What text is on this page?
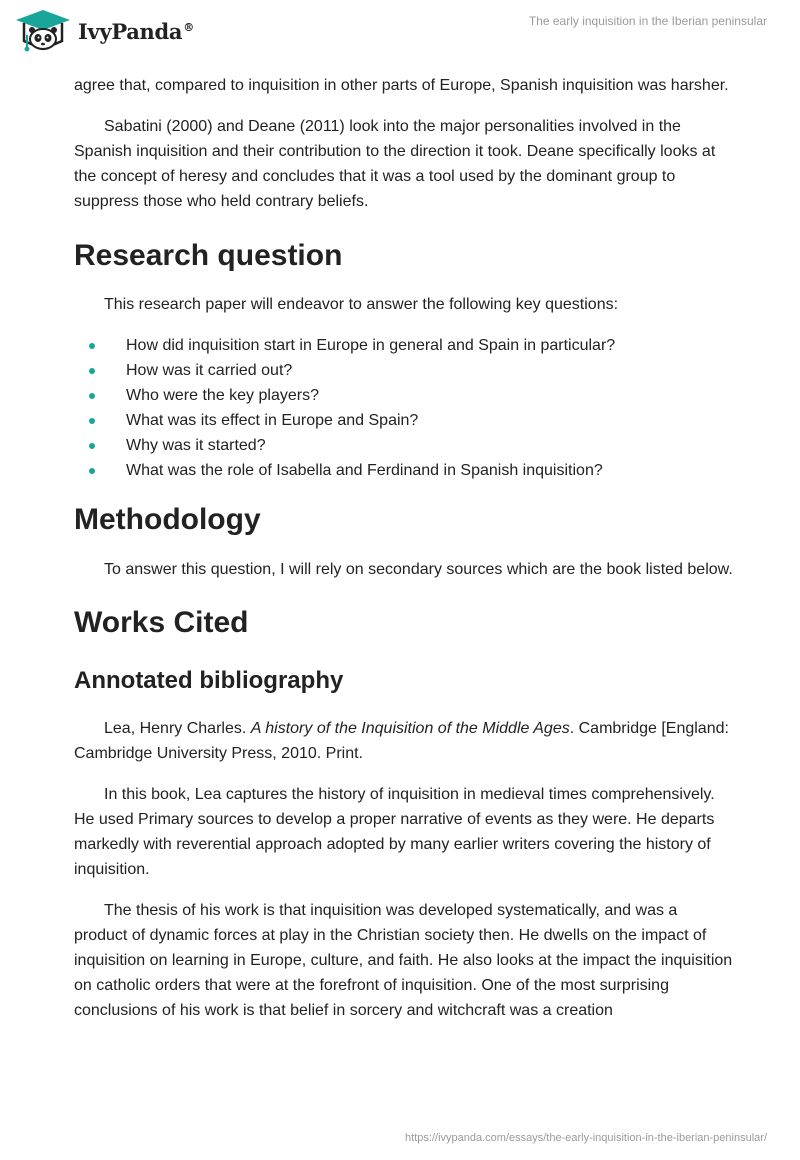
IvyPanda®	The early inquisition in the Iberian peninsular

agree that, compared to inquisition in other parts of Europe, Spanish inquisition was harsher.

Sabatini (2000) and Deane (2011) look into the major personalities involved in the Spanish inquisition and their contribution to the direction it took. Deane specifically looks at the concept of heresy and concludes that it was a tool used by the dominant group to suppress those who held contrary beliefs.

Research question

This research paper will endeavor to answer the following key questions:

How did inquisition start in Europe in general and Spain in particular?
How was it carried out?
Who were the key players?
What was its effect in Europe and Spain?
Why was it started?
What was the role of Isabella and Ferdinand in Spanish inquisition?
Methodology

To answer this question, I will rely on secondary sources which are the book listed below.

Works Cited
Annotated bibliography

Lea, Henry Charles. A history of the Inquisition of the Middle Ages. Cambridge [England: Cambridge University Press, 2010. Print.

In this book, Lea captures the history of inquisition in medieval times comprehensively. He used Primary sources to develop a proper narrative of events as they were. He departs markedly with reverential approach adopted by many earlier writers covering the history of inquisition.

The thesis of his work is that inquisition was developed systematically, and was a product of dynamic forces at play in the Christian society then. He dwells on the impact of inquisition on learning in Europe, culture, and faith. He also looks at the impact the inquisition on catholic orders that were at the forefront of inquisition. One of the most surprising conclusions of his work is that belief in sorcery and witchcraft was a creation

https://ivypanda.com/essays/the-early-inquisition-in-the-iberian-peninsular/
